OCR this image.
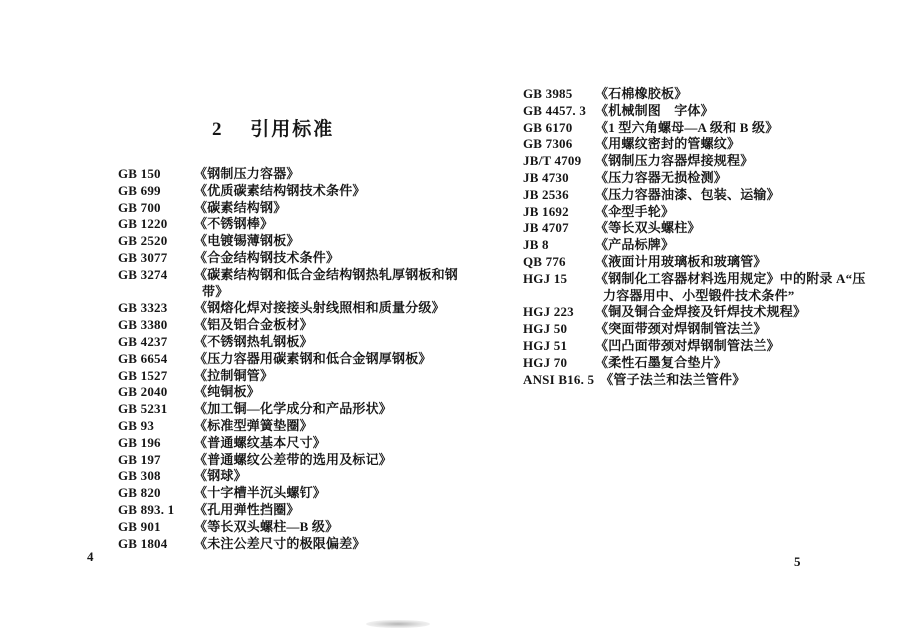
2 引用标准
GB 150	《钢制压力容器》
GB 699	《优质碳素结构钢技术条件》
GB 700	《碳素结构钢》
GB 1220	《不锈钢棒》
GB 2520	《电镀锡薄钢板》
GB 3077	《合金结构钢技术条件》
GB 3274	《碳素结构钢和低合金结构钢热轧厚钢板和钢
带》
GB 3323	《钢熔化焊对接接头射线照相和质量分级》
GB 3380	《铝及铝合金板材》
GB 4237	《不锈钢热轧钢板》
GB 6654	《压力容器用碳素钢和低合金钢厚钢板》
GB 1527	《拉制铜管》
GB 2040	《纯铜板》
GB 5231	《加工铜—化学成分和产品形状》
GB 93	《标准型弹簧垫圈》
GB 196	《普通螺纹基本尺寸》
GB 197	《普通螺纹公差带的选用及标记》
GB 308	《钢球》
GB 820	《十字槽半沉头螺钉》
GB 893. 1	《孔用弹性挡圈》
GB 901	《等长双头螺柱—B 级》
GB 1804	《未注公差尺寸的极限偏差》
GB 3985	《石棉橡胶板》
GB 4457. 3 《机械制图　字体》
GB 6170	《1 型六角螺母—A 级和 B 级》
GB 7306	《用螺纹密封的管螺纹》
JB/T 4709	《钢制压力容器焊接规程》
JB 4730	《压力容器无损检测》
JB 2536	《压力容器油漆、包装、运输》
JB 1692	《伞型手轮》
JB 4707	《等长双头螺柱》
JB 8	《产品标牌》
QB 776	《液面计用玻璃板和玻璃管》
HGJ 15	《钢制化工容器材料选用规定》中的附录 A“压
力容器用中、小型锻件技术条件”
HGJ 223	《铜及铜合金焊接及钎焊技术规程》
HGJ 50	《突面带颈对焊钢制管法兰》
HGJ 51	《凹凸面带颈对焊钢制管法兰》
HGJ 70	《柔性石墨复合垫片》
ANSI B16. 5 《管子法兰和法兰管件》
4	5
